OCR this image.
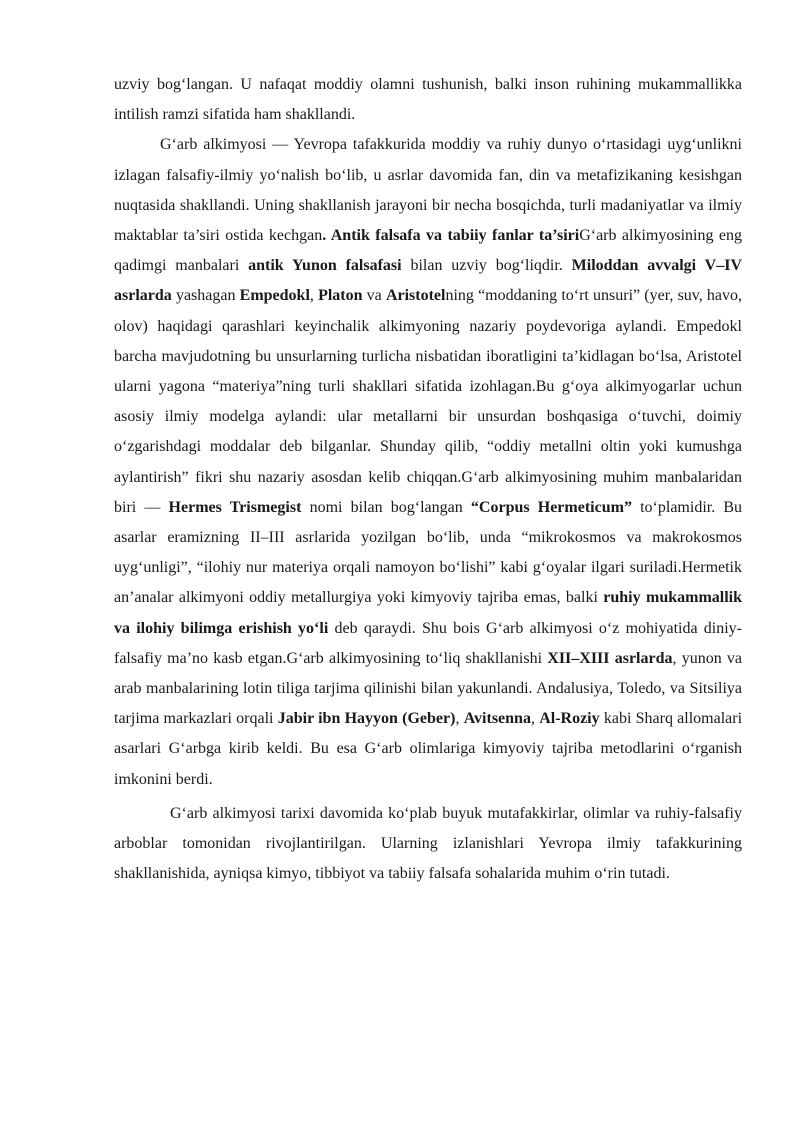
uzviy bog‘langan. U nafaqat moddiy olamni tushunish, balki inson ruhining mukammallikka intilish ramzi sifatida ham shakllandi.

G‘arb alkimyosi — Yevropa tafakkurida moddiy va ruhiy dunyo o‘rtasidagi uyg‘unlikni izlagan falsafiy-ilmiy yo‘nalish bo‘lib, u asrlar davomida fan, din va metafizikaning kesishgan nuqtasida shakllandi. Uning shakllanish jarayoni bir necha bosqichda, turli madaniyatlar va ilmiy maktablar ta’siri ostida kechgan. Antik falsafa va tabiiy fanlar ta’siriG‘arb alkimyosining eng qadimgi manbalari antik Yunon falsafasi bilan uzviy bog‘liqdir. Miloddan avvalgi V–IV asrlarda yashagan Empedokl, Platon va Aristotelning “moddaning to‘rt unsuri” (yer, suv, havo, olov) haqidagi qarashlari keyinchalik alkimyoning nazariy poydevoriga aylandi. Empedokl barcha mavjudotning bu unsurlarning turlicha nisbatidan iboratligini ta’kidlagan bo‘lsa, Aristotel ularni yagona “materiya”ning turli shakllari sifatida izohlagan.Bu g‘oya alkimyogarlar uchun asosiy ilmiy modelga aylandi: ular metallarni bir unsurdan boshqasiga o‘tuvchi, doimiy o‘zgarishdagi moddalar deb bilganlar. Shunday qilib, “oddiy metallni oltin yoki kumushga aylantirish” fikri shu nazariy asosdan kelib chiqqan.G‘arb alkimyosining muhim manbalaridan biri — Hermes Trismegist nomi bilan bog‘langan “Corpus Hermeticum” to‘plamidir. Bu asarlar eramizning II–III asrlarida yozilgan bo‘lib, unda “mikrokosmos va makrokosmos uyg‘unligi”, “ilohiy nur materiya orqali namoyon bo‘lishi” kabi g‘oyalar ilgari suriladi.Hermetik an’analar alkimyoni oddiy metallurgiya yoki kimyoviy tajriba emas, balki ruhiy mukammallik va ilohiy bilimga erishish yo‘li deb qaraydi. Shu bois G‘arb alkimyosi o‘z mohiyatida diniy-falsafiy ma’no kasb etgan.G‘arb alkimyosining to‘liq shakllanishi XII–XIII asrlarda, yunon va arab manbalarining lotin tiliga tarjima qilinishi bilan yakunlandi. Andalusiya, Toledo, va Sitsiliya tarjima markazlari orqali Jabir ibn Hayyon (Geber), Avitsenna, Al-Roziy kabi Sharq allomalari asarlari G‘arbga kirib keldi. Bu esa G‘arb olimlariga kimyoviy tajriba metodlarini o‘rganish imkonini berdi.

G‘arb alkimyosi tarixi davomida ko‘plab buyuk mutafakkirlar, olimlar va ruhiy-falsafiy arboblar tomonidan rivojlantirilgan. Ularning izlanishlari Yevropa ilmiy tafakkurining shakllanishida, ayniqsa kimyo, tibbiyot va tabiiy falsafa sohalarida muhim o‘rin tutadi.
